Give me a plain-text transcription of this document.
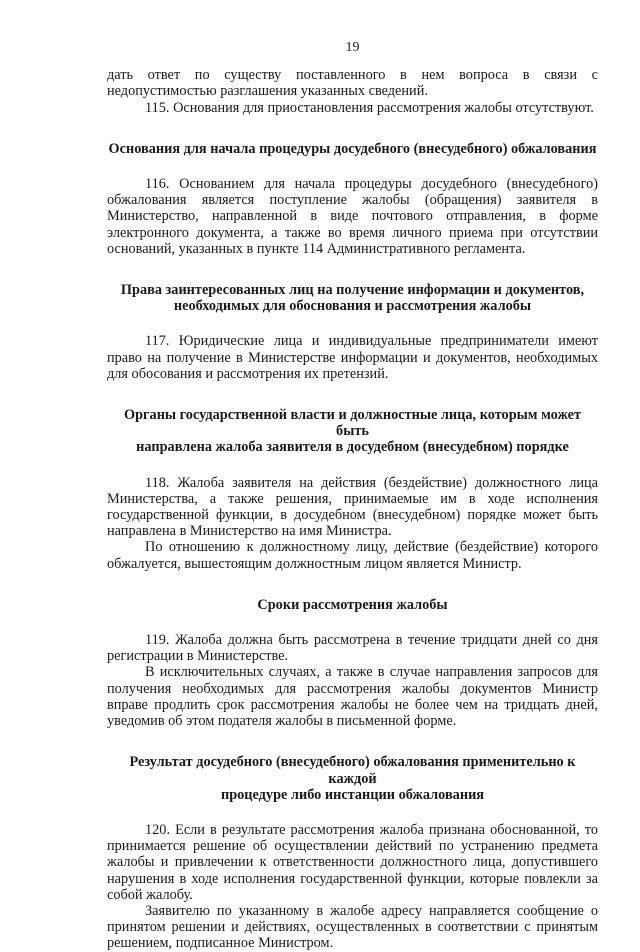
19

дать ответ по существу поставленного в нем вопроса в связи с недопустимостью разглашения указанных сведений.

115. Основания для приостановления рассмотрения жалобы отсутствуют.

Основания для начала процедуры досудебного (внесудебного) обжалования

116. Основанием для начала процедуры досудебного (внесудебного) обжалования является поступление жалобы (обращения) заявителя в Министерство, направленной в виде почтового отправления, в форме электронного документа, а также во время личного приема при отсутствии оснований, указанных в пункте 114 Административного регламента.

Права заинтересованных лиц на получение информации и документов,
необходимых для обоснования и рассмотрения жалобы

117. Юридические лица и индивидуальные предприниматели имеют право на получение в Министерстве информации и документов, необходимых для обосования и рассмотрения их претензий.

Органы государственной власти и должностные лица, которым может быть
направлена жалоба заявителя в досудебном (внесудебном) порядке

118. Жалоба заявителя на действия (бездействие) должностного лица Министерства, а также решения, принимаемые им в ходе исполнения государственной функции, в досудебном (внесудебном) порядке может быть направлена в Министерство на имя Министра.

По отношению к должностному лицу, действие (бездействие) которого обжалуется, вышестоящим должностным лицом является Министр.

Сроки рассмотрения жалобы

119. Жалоба должна быть рассмотрена в течение тридцати дней со дня регистрации в Министерстве.

В исключительных случаях, а также в случае направления запросов для получения необходимых для рассмотрения жалобы документов Министр вправе продлить срок рассмотрения жалобы не более чем на тридцать дней, уведомив об этом подателя жалобы в письменной форме.

Результат досудебного (внесудебного) обжалования применительно к каждой
процедуре либо инстанции обжалования

120. Если в результате рассмотрения жалоба признана обоснованной, то принимается решение об осуществлении действий по устранению предмета жалобы и привлечении к ответственности должностного лица, допустившего нарушения в ходе исполнения государственной функции, которые повлекли за собой жалобу.

Заявителю по указанному в жалобе адресу направляется сообщение о принятом решении и действиях, осуществленных в соответствии с принятым решением, подписанное Министром.
